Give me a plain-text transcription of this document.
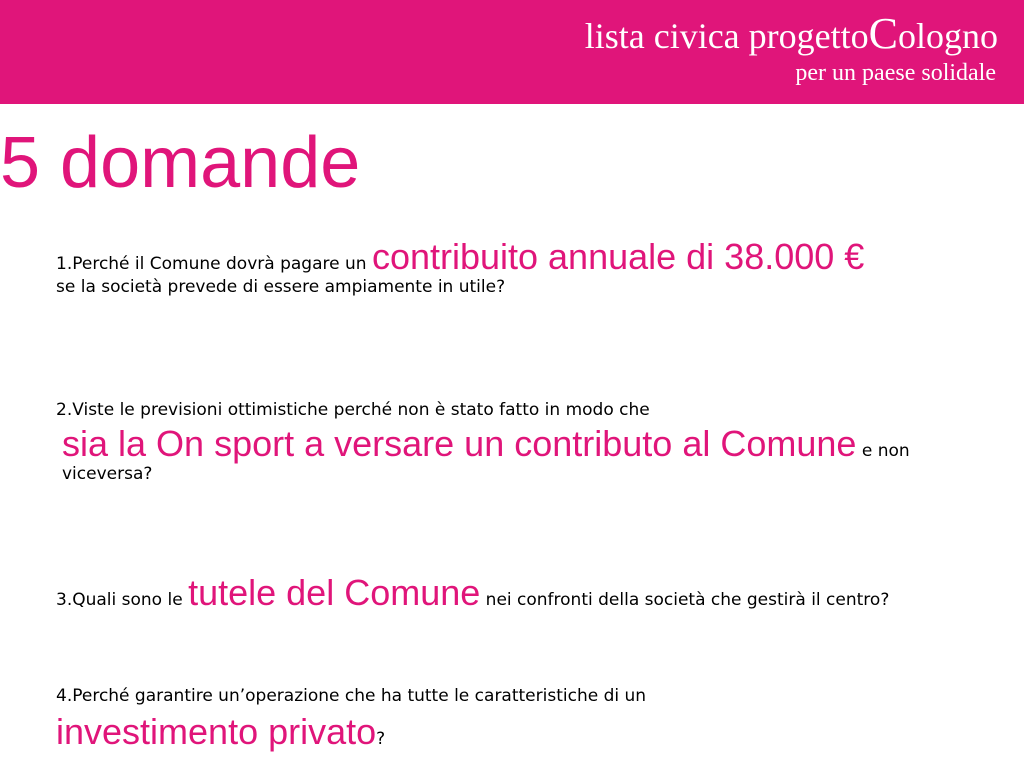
lista civica progettoCologno
per un paese solidale
5 domande
1.Perché il Comune dovrà pagare un contribuito annuale di 38.000 €
se la società prevede di essere ampiamente in utile?
2.Viste le previsioni ottimistiche perché non è stato fatto in modo che
sia la On sport a versare un contributo al Comune e non viceversa?
3.Quali sono le tutele del Comune nei confronti della società che gestirà il centro?
4.Perché garantire un’operazione che ha tutte le caratteristiche di un
investimento privato?
